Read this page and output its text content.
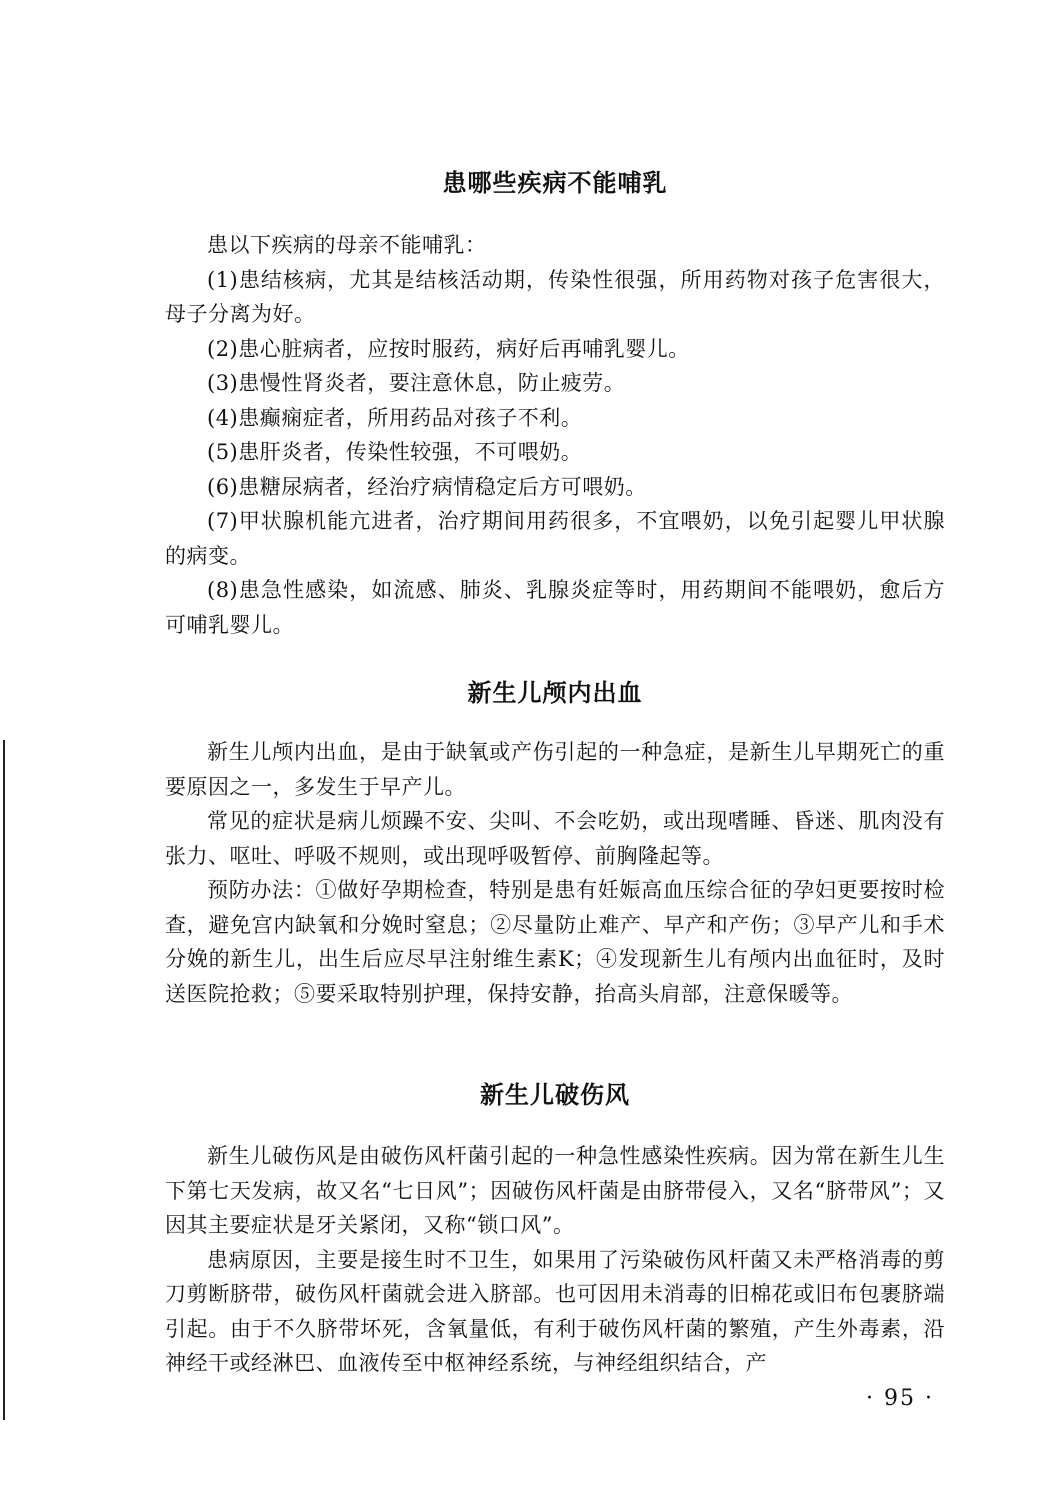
患哪些疾病不能哺乳

患以下疾病的母亲不能哺乳：

(1)患结核病，尤其是结核活动期，传染性很强，所用药物对孩子危害很大，母子分离为好。

(2)患心脏病者，应按时服药，病好后再哺乳婴儿。

(3)患慢性肾炎者，要注意休息，防止疲劳。

(4)患癫痫症者，所用药品对孩子不利。

(5)患肝炎者，传染性较强，不可喂奶。

(6)患糖尿病者，经治疗病情稳定后方可喂奶。

(7)甲状腺机能亢进者，治疗期间用药很多，不宜喂奶，以免引起婴儿甲状腺的病变。

(8)患急性感染，如流感、肺炎、乳腺炎症等时，用药期间不能喂奶，愈后方可哺乳婴儿。

新生儿颅内出血

新生儿颅内出血，是由于缺氧或产伤引起的一种急症，是新生儿早期死亡的重要原因之一，多发生于早产儿。

常见的症状是病儿烦躁不安、尖叫、不会吃奶，或出现嗜睡、昏迷、肌肉没有张力、呕吐、呼吸不规则，或出现呼吸暂停、前胸隆起等。

预防办法：①做好孕期检查，特别是患有妊娠高血压综合征的孕妇更要按时检查，避免宫内缺氧和分娩时窒息；②尽量防止难产、早产和产伤；③早产儿和手术分娩的新生儿，出生后应尽早注射维生素K；④发现新生儿有颅内出血征时，及时送医院抢救；⑤要采取特别护理，保持安静，抬高头肩部，注意保暖等。

新生儿破伤风

新生儿破伤风是由破伤风杆菌引起的一种急性感染性疾病。因为常在新生儿生下第七天发病，故又名“七日风”；因破伤风杆菌是由脐带侵入，又名“脐带风”；又因其主要症状是牙关紧闭，又称“锁口风”。

患病原因，主要是接生时不卫生，如果用了污染破伤风杆菌又未严格消毒的剪刀剪断脐带，破伤风杆菌就会进入脐部。也可因用未消毒的旧棉花或旧布包裹脐端引起。由于不久脐带坏死，含氧量低，有利于破伤风杆菌的繁殖，产生外毒素，沿神经干或经淋巴、血液传至中枢神经系统，与神经组织结合，产

· 95 ·
